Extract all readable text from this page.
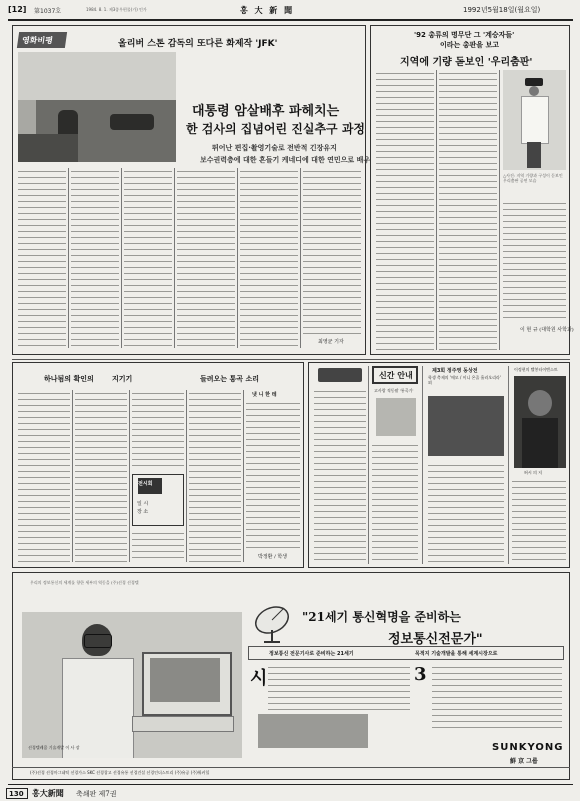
[12] 第1037호	1984. 8. 1. 제3종우편물(가) 인가	홍 大 新 聞	1992년5월18일(월요일)
영화비평	올리버 스톤 감독의 또다른 화제작 'JFK'
대통령 암살배후 파헤치는
한 검사의 집념어린 진실추구 과정
뛰어난 편집·촬영기술로 전반적 긴장유지
보수권력층에 대한 흔들기 케네디에 대한 연민으로 배우
최영균 기자
'92 총류의 명무단 그 '계승자들'
이라는 총판을 보고
지역에 기량 돋보인 '우리춤판'
△사진: 지역 기량과 구성이 돋보인 우리춤판 공연 모습
이 현 규 (대학원 사학과)
하나됨의 확인의	지기기	들려오는 통곡 소리
전시회
일 시
장 소
냇 니 한 테
박정환 / 학생
신간 안내
고사랑 적동팔 '통곡기'
제3회 정주영 동상전
학생 축제의 '메모 / 이니 온줄 흘러오리라' 외
이정현의 빨봉타이맨스트
허시 의 저
우리의 정보통신의 세계를 향한 세부의 역동을 (주)선경 선경텔
"21세기 통신혁명을 준비하는
정보통신전문가"
선경텔레콤 기술개발 이 사 장
정보통신 전문기사로 준비하는 21세기	목적지 기술개발을 통해 세계시장으로
시	3
SUNKYONG
鮮 京 그룹
(주)선경 선경마그네틱 선경가스 SKC 선경창고 선경유통 선경건설 선경인더스트리 (주)유공 (주)워커힐
130 홍大新聞 축쇄판 제7권
